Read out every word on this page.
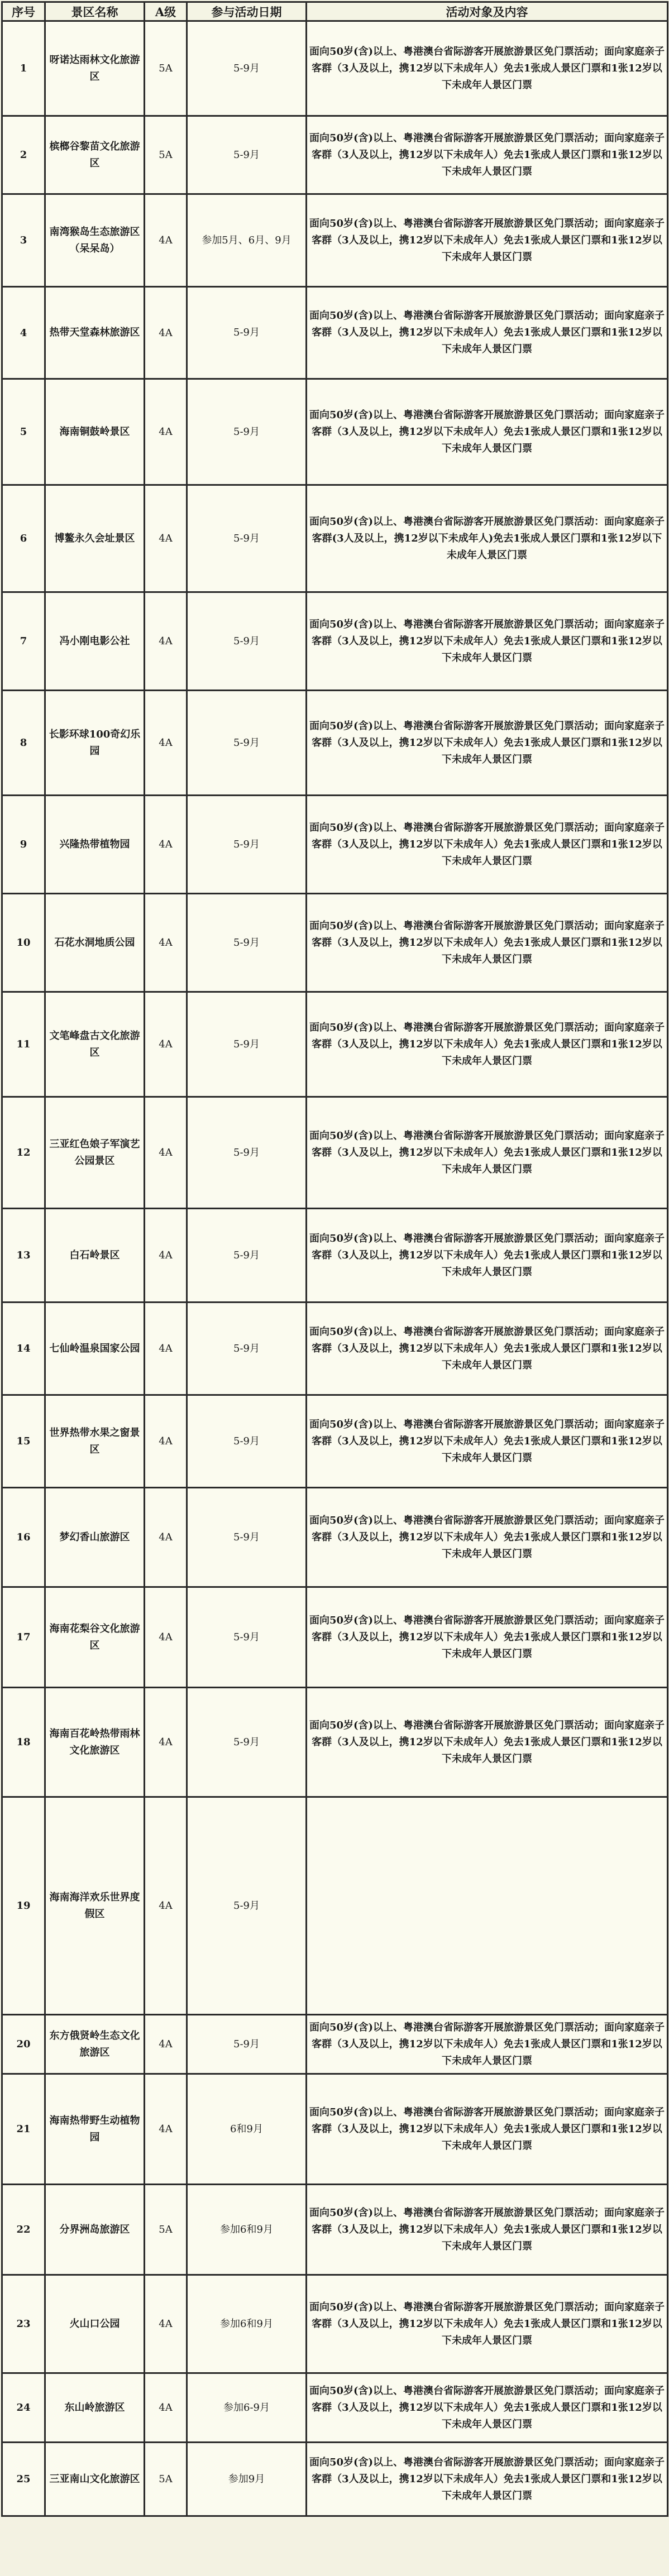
序号	景区名称	A级	参与活动日期	活动对象及内容
1	呀诺达雨林文化旅游区	5A	5-9月	面向50岁(含)以上、粤港澳台省际游客开展旅游景区免门票活动；面向家庭亲子客群（3人及以上，携12岁以下未成年人）免去1张成人景区门票和1张12岁以下未成年人景区门票
2	槟榔谷黎苗文化旅游区	5A	5-9月	面向50岁(含)以上、粤港澳台省际游客开展旅游景区免门票活动；面向家庭亲子客群（3人及以上，携12岁以下未成年人）免去1张成人景区门票和1张12岁以下未成年人景区门票
3	南湾猴岛生态旅游区（呆呆岛）	4A	参加5月、6月、9月	面向50岁(含)以上、粤港澳台省际游客开展旅游景区免门票活动；面向家庭亲子客群（3人及以上，携12岁以下未成年人）免去1张成人景区门票和1张12岁以下未成年人景区门票
4	热带天堂森林旅游区	4A	5-9月	面向50岁(含)以上、粤港澳台省际游客开展旅游景区免门票活动；面向家庭亲子客群（3人及以上，携12岁以下未成年人）免去1张成人景区门票和1张12岁以下未成年人景区门票
5	海南铜鼓岭景区	4A	5-9月	面向50岁(含)以上、粤港澳台省际游客开展旅游景区免门票活动；面向家庭亲子客群（3人及以上，携12岁以下未成年人）免去1张成人景区门票和1张12岁以下未成年人景区门票
6	博鳌永久会址景区	4A	5-9月	面向50岁(含)以上、粤港澳台省际游客开展旅游景区免门票活动：面向家庭亲子客群(3人及以上，携12岁以下未成年人)免去1张成人景区门票和1张12岁以下未成年人景区门票
7	冯小刚电影公社	4A	5-9月	面向50岁(含)以上、粤港澳台省际游客开展旅游景区免门票活动；面向家庭亲子客群（3人及以上，携12岁以下未成年人）免去1张成人景区门票和1张12岁以下未成年人景区门票
8	长影环球100奇幻乐园	4A	5-9月	面向50岁(含)以上、粤港澳台省际游客开展旅游景区免门票活动；面向家庭亲子客群（3人及以上，携12岁以下未成年人）免去1张成人景区门票和1张12岁以下未成年人景区门票
9	兴隆热带植物园	4A	5-9月	面向50岁(含)以上、粤港澳台省际游客开展旅游景区免门票活动；面向家庭亲子客群（3人及以上，携12岁以下未成年人）免去1张成人景区门票和1张12岁以下未成年人景区门票
10	石花水洞地质公园	4A	5-9月	面向50岁(含)以上、粤港澳台省际游客开展旅游景区免门票活动；面向家庭亲子客群（3人及以上，携12岁以下未成年人）免去1张成人景区门票和1张12岁以下未成年人景区门票
11	文笔峰盘古文化旅游区	4A	5-9月	面向50岁(含)以上、粤港澳台省际游客开展旅游景区免门票活动；面向家庭亲子客群（3人及以上，携12岁以下未成年人）免去1张成人景区门票和1张12岁以下未成年人景区门票
12	三亚红色娘子军演艺公园景区	4A	5-9月	面向50岁(含)以上、粤港澳台省际游客开展旅游景区免门票活动；面向家庭亲子客群（3人及以上，携12岁以下未成年人）免去1张成人景区门票和1张12岁以下未成年人景区门票
13	白石岭景区	4A	5-9月	面向50岁(含)以上、粤港澳台省际游客开展旅游景区免门票活动；面向家庭亲子客群（3人及以上，携12岁以下未成年人）免去1张成人景区门票和1张12岁以下未成年人景区门票
14	七仙岭温泉国家公园	4A	5-9月	面向50岁(含)以上、粤港澳台省际游客开展旅游景区免门票活动；面向家庭亲子客群（3人及以上，携12岁以下未成年人）免去1张成人景区门票和1张12岁以下未成年人景区门票
15	世界热带水果之窗景区	4A	5-9月	面向50岁(含)以上、粤港澳台省际游客开展旅游景区免门票活动；面向家庭亲子客群（3人及以上，携12岁以下未成年人）免去1张成人景区门票和1张12岁以下未成年人景区门票
16	梦幻香山旅游区	4A	5-9月	面向50岁(含)以上、粤港澳台省际游客开展旅游景区免门票活动；面向家庭亲子客群（3人及以上，携12岁以下未成年人）免去1张成人景区门票和1张12岁以下未成年人景区门票
17	海南花梨谷文化旅游区	4A	5-9月	面向50岁(含)以上、粤港澳台省际游客开展旅游景区免门票活动；面向家庭亲子客群（3人及以上，携12岁以下未成年人）免去1张成人景区门票和1张12岁以下未成年人景区门票
18	海南百花岭热带雨林文化旅游区	4A	5-9月	面向50岁(含)以上、粤港澳台省际游客开展旅游景区免门票活动；面向家庭亲子客群（3人及以上，携12岁以下未成年人）免去1张成人景区门票和1张12岁以下未成年人景区门票
19	海南海洋欢乐世界度假区	4A	5-9月	
20	东方俄贤岭生态文化旅游区	4A	5-9月	面向50岁(含)以上、粤港澳台省际游客开展旅游景区免门票活动；面向家庭亲子客群（3人及以上，携12岁以下未成年人）免去1张成人景区门票和1张12岁以下未成年人景区门票
21	海南热带野生动植物园	4A	6和9月	面向50岁(含)以上、粤港澳台省际游客开展旅游景区免门票活动；面向家庭亲子客群（3人及以上，携12岁以下未成年人）免去1张成人景区门票和1张12岁以下未成年人景区门票
22	分界洲岛旅游区	5A	参加6和9月	面向50岁(含)以上、粤港澳台省际游客开展旅游景区免门票活动；面向家庭亲子客群（3人及以上，携12岁以下未成年人）免去1张成人景区门票和1张12岁以下未成年人景区门票
23	火山口公园	4A	参加6和9月	面向50岁(含)以上、粤港澳台省际游客开展旅游景区免门票活动；面向家庭亲子客群（3人及以上，携12岁以下未成年人）免去1张成人景区门票和1张12岁以下未成年人景区门票
24	东山岭旅游区	4A	参加6-9月	面向50岁(含)以上、粤港澳台省际游客开展旅游景区免门票活动；面向家庭亲子客群（3人及以上，携12岁以下未成年人）免去1张成人景区门票和1张12岁以下未成年人景区门票
25	三亚南山文化旅游区	5A	参加9月	面向50岁(含)以上、粤港澳台省际游客开展旅游景区免门票活动；面向家庭亲子客群（3人及以上，携12岁以下未成年人）免去1张成人景区门票和1张12岁以下未成年人景区门票
